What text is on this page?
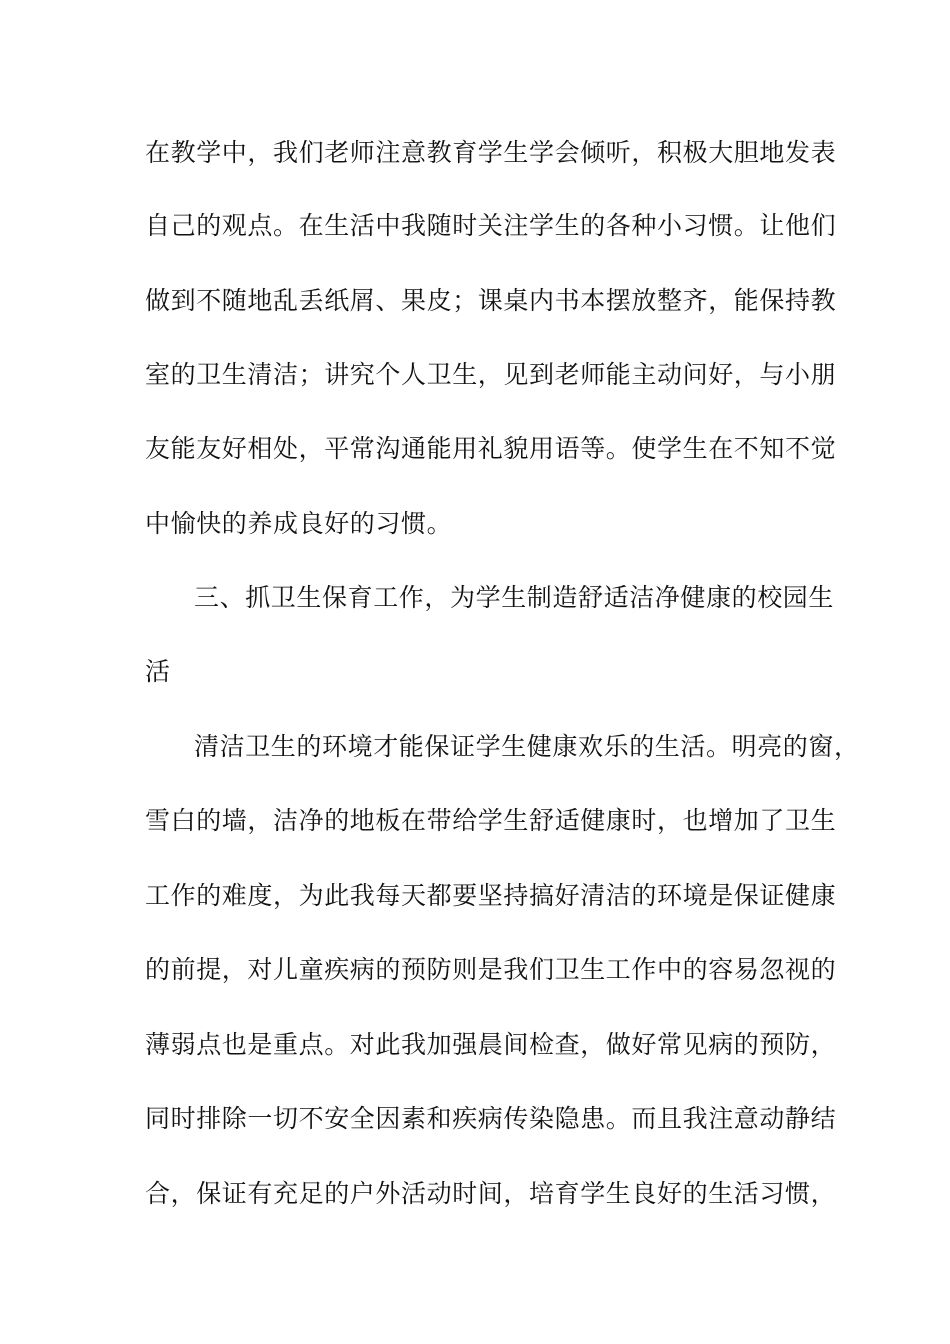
在教学中，我们老师注意教育学生学会倾听，积极大胆地发表
自己的观点。在生活中我随时关注学生的各种小习惯。让他们
做到不随地乱丢纸屑、果皮；课桌内书本摆放整齐，能保持教
室的卫生清洁；讲究个人卫生，见到老师能主动问好，与小朋
友能友好相处，平常沟通能用礼貌用语等。使学生在不知不觉
中愉快的养成良好的习惯。
三、抓卫生保育工作，为学生制造舒适洁净健康的校园生
活
清洁卫生的环境才能保证学生健康欢乐的生活。明亮的窗，
雪白的墙，洁净的地板在带给学生舒适健康时，也增加了卫生
工作的难度，为此我每天都要坚持搞好清洁的环境是保证健康
的前提，对儿童疾病的预防则是我们卫生工作中的容易忽视的
薄弱点也是重点。对此我加强晨间检查，做好常见病的预防，
同时排除一切不安全因素和疾病传染隐患。而且我注意动静结
合，保证有充足的户外活动时间，培育学生良好的生活习惯，
